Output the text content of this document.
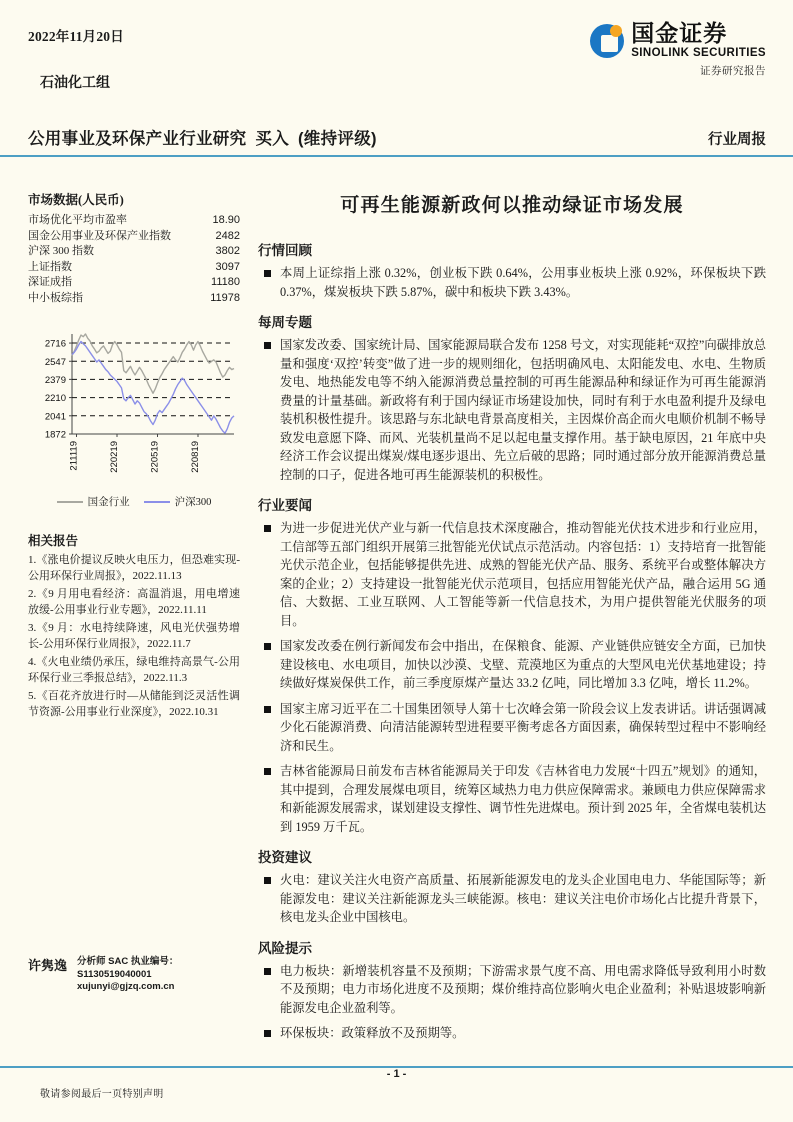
2022年11月20日
石油化工组
国金证券
SINOLINK SECURITIES
证券研究报告
公用事业及环保产业行业研究 买入 (维持评级)	行业周报
市场数据(人民币)
市场优化平均市盈率	18.90
国金公用事业及环保产业指数	2482
沪深 300 指数	3802
上证指数	3097
深证成指	11180
中小板综指	11978
2716
2547
2379
2210
2041
1872
211119	220219	220519	220819
国金行业	沪深300
相关报告
1.《涨电价提议反映火电压力，但恐难实现-公用环保行业周报》，2022.11.13
2.《9 月用电看经济：高温消退，用电增速放缓-公用事业行业专题》，2022.11.11
3.《9 月：水电持续降速，风电光伏强势增长-公用环保行业周报》，2022.11.7
4.《火电业绩仍承压，绿电维持高景气-公用环保行业三季报总结》，2022.11.3
5.《百花齐放进行时—从储能到泛灵活性调节资源-公用事业行业深度》，2022.10.31
许隽逸 分析师 SAC 执业编号：S1130519040001
xujunyi@gjzq.com.cn
可再生能源新政何以推动绿证市场发展
行情回顾
本周上证综指上涨 0.32%，创业板下跌 0.64%，公用事业板块上涨 0.92%，环保板块下跌 0.37%，煤炭板块下跌 5.87%，碳中和板块下跌 3.43%。
每周专题
国家发改委、国家统计局、国家能源局联合发布 1258 号文，对实现能耗“双控”向碳排放总量和强度‘双控’转变”做了进一步的规则细化，包括明确风电、太阳能发电、水电、生物质发电、地热能发电等不纳入能源消费总量控制的可再生能源品种和绿证作为可再生能源消费量的计量基础。新政将有利于国内绿证市场建设加快，同时有利于水电盈利提升及绿电装机积极性提升。该思路与东北缺电背景高度相关，主因煤价高企而火电顺价机制不畅导致发电意愿下降、而风、光装机量尚不足以起电量支撑作用。基于缺电原因，21 年底中央经济工作会议提出煤炭/煤电逐步退出、先立后破的思路；同时通过部分放开能源消费总量控制的口子，促进各地可再生能源装机的积极性。
行业要闻
为进一步促进光伏产业与新一代信息技术深度融合，推动智能光伏技术进步和行业应用，工信部等五部门组织开展第三批智能光伏试点示范活动。内容包括：1）支持培育一批智能光伏示范企业，包括能够提供先进、成熟的智能光伏产品、服务、系统平台或整体解决方案的企业；2）支持建设一批智能光伏示范项目，包括应用智能光伏产品，融合运用 5G 通信、大数据、工业互联网、人工智能等新一代信息技术，为用户提供智能光伏服务的项目。
国家发改委在例行新闻发布会中指出，在保粮食、能源、产业链供应链安全方面，已加快建设核电、水电项目，加快以沙漠、戈壁、荒漠地区为重点的大型风电光伏基地建设；持续做好煤炭保供工作，前三季度原煤产量达 33.2 亿吨，同比增加 3.3 亿吨，增长 11.2%。
国家主席习近平在二十国集团领导人第十七次峰会第一阶段会议上发表讲话。讲话强调减少化石能源消费、向清洁能源转型进程要平衡考虑各方面因素，确保转型过程中不影响经济和民生。
吉林省能源局日前发布吉林省能源局关于印发《吉林省电力发展“十四五”规划》的通知，其中提到，合理发展煤电项目，统筹区域热力电力供应保障需求。兼顾电力供应保障需求和新能源发展需求，谋划建设支撑性、调节性先进煤电。预计到 2025 年，全省煤电装机达到 1959 万千瓦。
投资建议
火电：建议关注火电资产高质量、拓展新能源发电的龙头企业国电电力、华能国际等；新能源发电：建议关注新能源龙头三峡能源。核电：建议关注电价市场化占比提升背景下，核电龙头企业中国核电。
风险提示
电力板块：新增装机容量不及预期；下游需求景气度不高、用电需求降低导致利用小时数不及预期；电力市场化进度不及预期；煤价维持高位影响火电企业盈利；补贴退坡影响新能源发电企业盈利等。
环保板块：政策释放不及预期等。
- 1 -
敬请参阅最后一页特别声明
